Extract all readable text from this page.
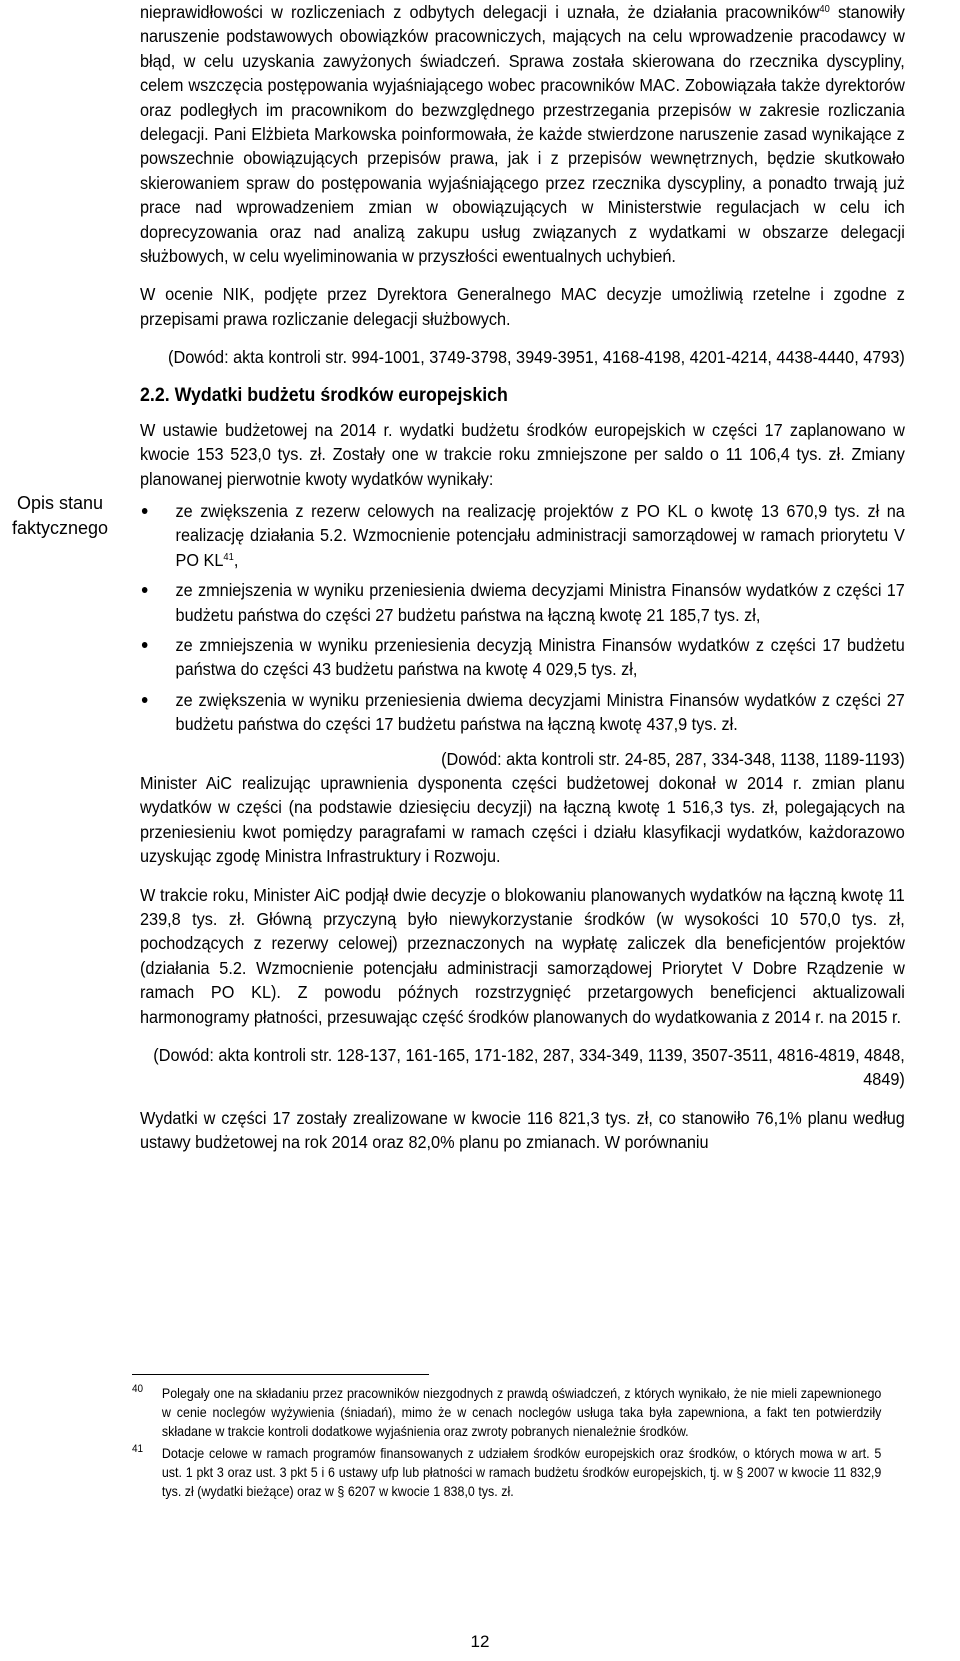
Opis stanu
faktycznego

nieprawidłowości w rozliczeniach z odbytych delegacji i uznała, że działania pracowników$^{40}$ stanowiły naruszenie podstawowych obowiązków pracowniczych, mających na celu wprowadzenie pracodawcy w błąd, w celu uzyskania zawyżonych świadczeń. Sprawa została skierowana do rzecznika dyscypliny, celem wszczęcia postępowania wyjaśniającego wobec pracowników MAC. Zobowiązała także dyrektorów oraz podległych im pracownikom do bezwzględnego przestrzegania przepisów w zakresie rozliczania delegacji. Pani Elżbieta Markowska poinformowała, że każde stwierdzone naruszenie zasad wynikające z powszechnie obowiązujących przepisów prawa, jak i z przepisów wewnętrznych, będzie skutkowało skierowaniem spraw do postępowania wyjaśniającego przez rzecznika dyscypliny, a ponadto trwają już prace nad wprowadzeniem zmian w obowiązujących w Ministerstwie regulacjach w celu ich doprecyzowania oraz nad analizą zakupu usług związanych z wydatkami w obszarze delegacji służbowych, w celu wyeliminowania w przyszłości ewentualnych uchybień.

W ocenie NIK, podjęte przez Dyrektora Generalnego MAC decyzje umożliwią rzetelne i zgodne z przepisami prawa rozliczanie delegacji służbowych.

(Dowód: akta kontroli str. 994-1001, 3749-3798, 3949-3951, 4168-4198, 4201-4214, 4438-4440, 4793)

2.2. Wydatki budżetu środków europejskich

W ustawie budżetowej na 2014 r. wydatki budżetu środków europejskich w części 17 zaplanowano w kwocie 153 523,0 tys. zł. Zostały one w trakcie roku zmniejszone per saldo o 11 106,4 tys. zł. Zmiany planowanej pierwotnie kwoty wydatków wynikały:

ze zwiększenia z rezerw celowych na realizację projektów z PO KL o kwotę 13 670,9 tys. zł na realizację działania 5.2. Wzmocnienie potencjału administracji samorządowej w ramach priorytetu V PO KL$^{41}$,
ze zmniejszenia w wyniku przeniesienia dwiema decyzjami Ministra Finansów wydatków z części 17 budżetu państwa do części 27 budżetu państwa na łączną kwotę 21 185,7 tys. zł,
ze zmniejszenia w wyniku przeniesienia decyzją Ministra Finansów wydatków z części 17 budżetu państwa do części 43 budżetu państwa na kwotę 4 029,5 tys. zł,
ze zwiększenia w wyniku przeniesienia dwiema decyzjami Ministra Finansów wydatków z części 27 budżetu państwa do części 17 budżetu państwa na łączną kwotę 437,9 tys. zł.

(Dowód: akta kontroli str. 24-85, 287, 334-348, 1138, 1189-1193)

Minister AiC realizując uprawnienia dysponenta części budżetowej dokonał w 2014 r. zmian planu wydatków w części (na podstawie dziesięciu decyzji) na łączną kwotę 1 516,3 tys. zł, polegających na przeniesieniu kwot pomiędzy paragrafami w ramach części i działu klasyfikacji wydatków, każdorazowo uzyskując zgodę Ministra Infrastruktury i Rozwoju.

W trakcie roku, Minister AiC podjął dwie decyzje o blokowaniu planowanych wydatków na łączną kwotę 11 239,8 tys. zł. Główną przyczyną było niewykorzystanie środków (w wysokości 10 570,0 tys. zł, pochodzących z rezerwy celowej) przeznaczonych na wypłatę zaliczek dla beneficjentów projektów (działania 5.2. Wzmocnienie potencjału administracji samorządowej Priorytet V Dobre Rządzenie w ramach PO KL). Z powodu późnych rozstrzygnięć przetargowych beneficjenci aktualizowali harmonogramy płatności, przesuwając część środków planowanych do wydatkowania z 2014 r. na 2015 r.

(Dowód: akta kontroli str. 128-137, 161-165, 171-182, 287, 334-349, 1139, 3507-3511, 4816-4819, 4848, 4849)

Wydatki w części 17 zostały zrealizowane w kwocie 116 821,3 tys. zł, co stanowiło 76,1% planu według ustawy budżetowej na rok 2014 oraz 82,0% planu po zmianach. W porównaniu

40 Polegały one na składaniu przez pracowników niezgodnych z prawdą oświadczeń, z których wynikało, że nie mieli zapewnionego w cenie noclegów wyżywienia (śniadań), mimo że w cenach noclegów usługa taka była zapewniona, a fakt ten potwierdziły składane w trakcie kontroli dodatkowe wyjaśnienia oraz zwroty pobranych nienależnie środków.
41 Dotacje celowe w ramach programów finansowanych z udziałem środków europejskich oraz środków, o których mowa w art. 5 ust. 1 pkt 3 oraz ust. 3 pkt 5 i 6 ustawy ufp lub płatności w ramach budżetu środków europejskich, tj. w § 2007 w kwocie 11 832,9 tys. zł (wydatki bieżące) oraz w § 6207 w kwocie 1 838,0 tys. zł.
12
